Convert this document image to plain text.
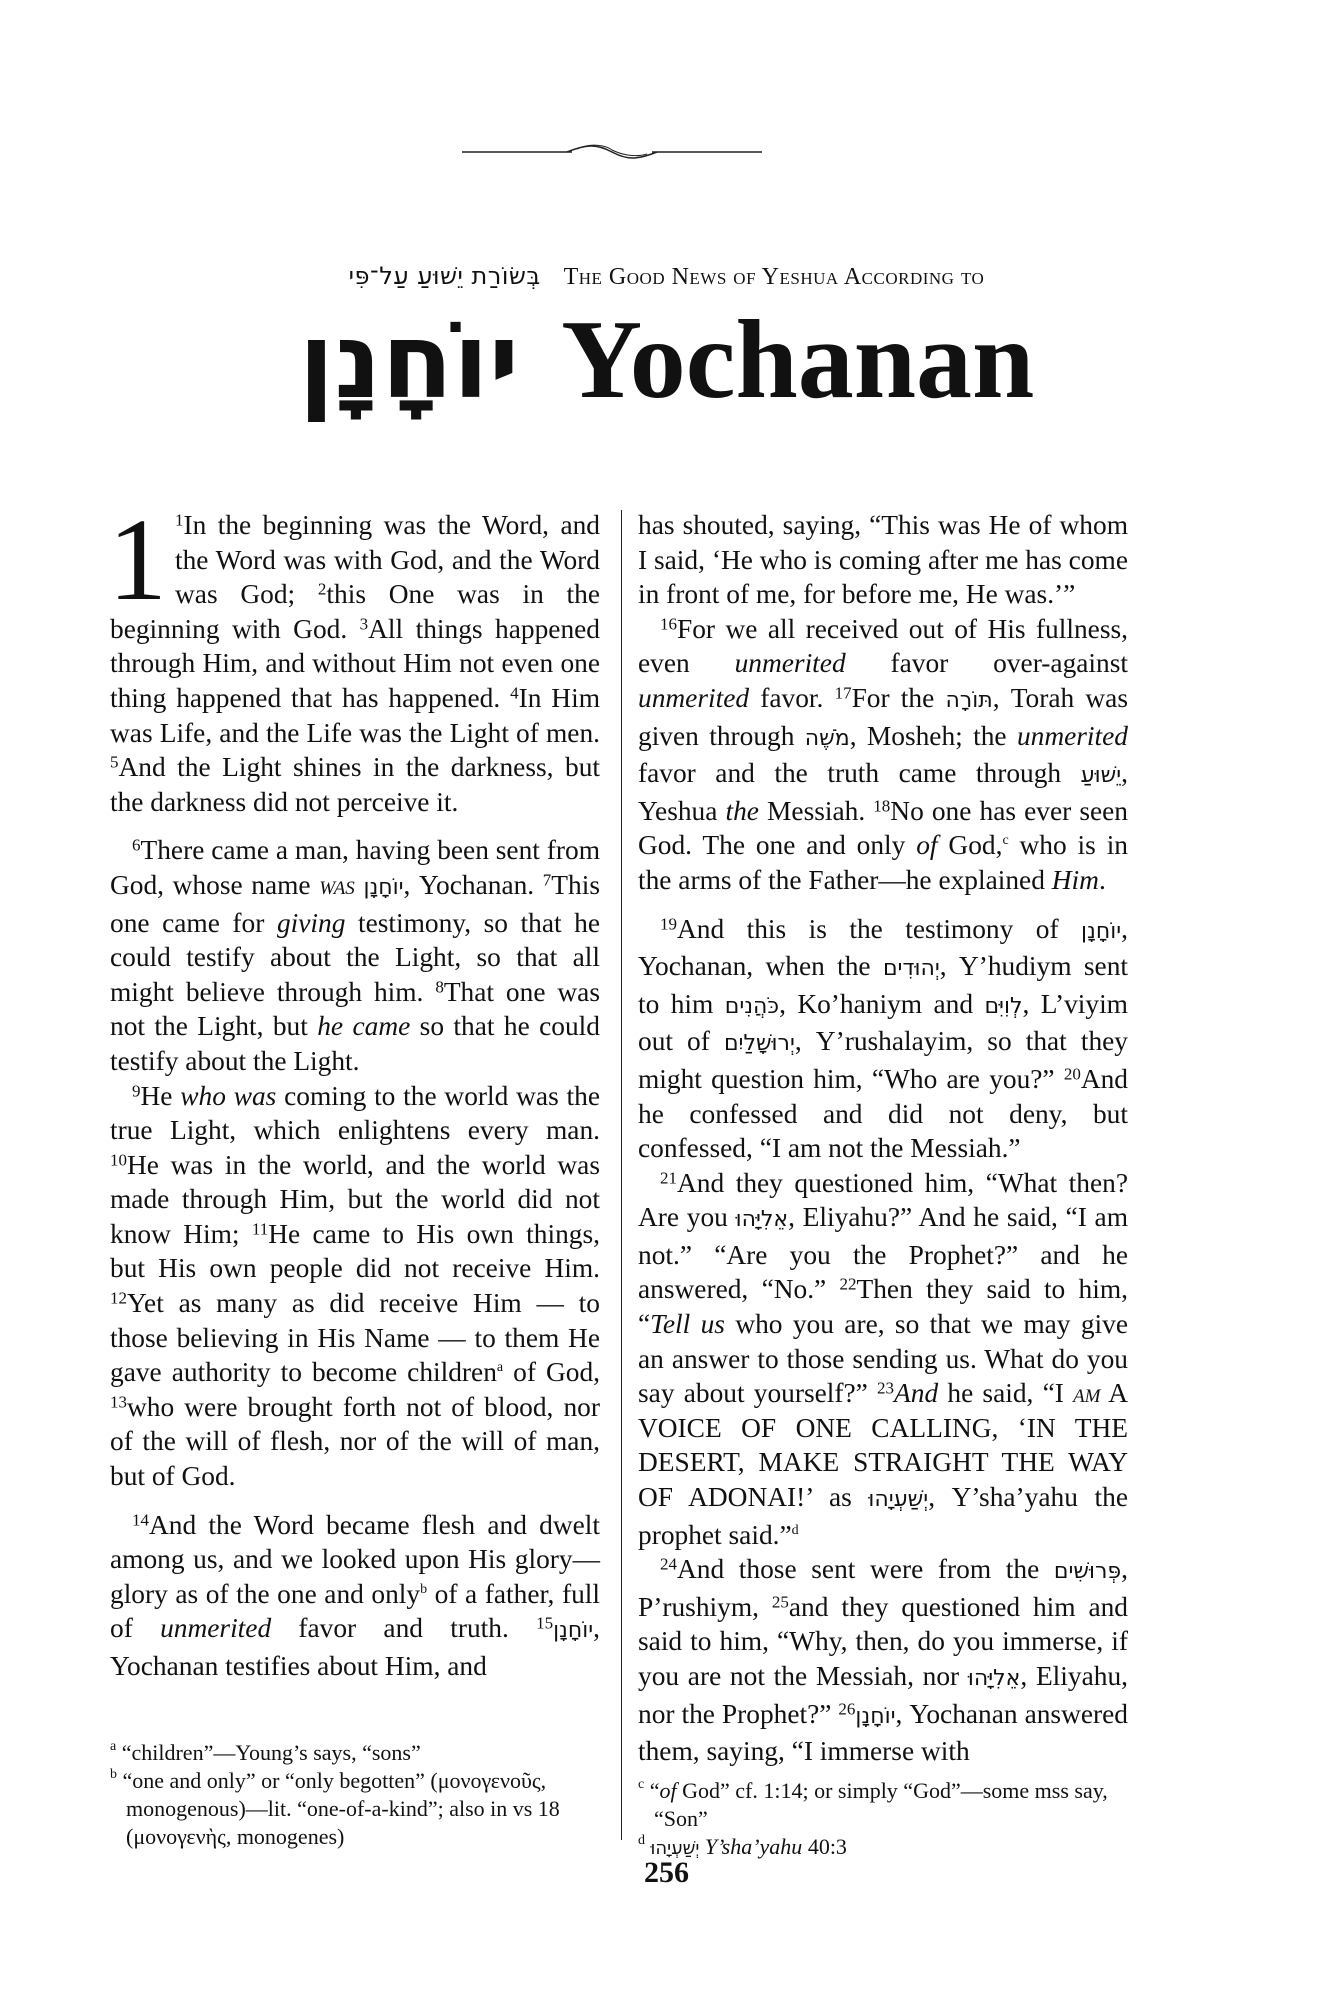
בְּשׂוֹרַת יֵשׁוּעַ עַל־פִּי The Good News of Yeshua According to
יוֹחָנָן Yochanan

1 $^1$In the beginning was the Word, and the Word was with God, and the Word was God; $^2$this One was in the beginning with God. $^3$All things happened through Him, and without Him not even one thing happened that has happened. $^4$In Him was Life, and the Life was the Light of men. $^5$And the Light shines in the darkness, but the darkness did not perceive it.

$^6$There came a man, having been sent from God, whose name was יוֹחָנָן, Yochanan. $^7$This one came for giving testimony, so that he could testify about the Light, so that all might believe through him. $^8$That one was not the Light, but he came so that he could testify about the Light.

$^9$He who was coming to the world was the true Light, which enlightens every man. $^{10}$He was in the world, and the world was made through Him, but the world did not know Him; $^{11}$He came to His own things, but His own people did not receive Him. $^{12}$Yet as many as did receive Him — to those believing in His Name — to them He gave authority to become children$^a$ of God, $^{13}$who were brought forth not of blood, nor of the will of flesh, nor of the will of man, but of God.

$^{14}$And the Word became flesh and dwelt among us, and we looked upon His glory—glory as of the one and only$^b$ of a father, full of unmerited favor and truth. $^{15}$יוֹחָנָן, Yochanan testifies about Him, and

has shouted, saying, “This was He of whom I said, ‘He who is coming after me has come in front of me, for before me, He was.’”

$^{16}$For we all received out of His fullness, even unmerited favor over-against unmerited favor. $^{17}$For the תּוֹרָה, Torah was given through מֹשֶׁה, Mosheh; the unmerited favor and the truth came through יֵשׁוּעַ, Yeshua the Messiah. $^{18}$No one has ever seen God. The one and only of God,$^c$ who is in the arms of the Father—he explained Him.

$^{19}$And this is the testimony of יוֹחָנָן, Yochanan, when the יְהוּדִים, Y’hudiym sent to him כֹּהֲנִים, Ko’haniym and לְוִיִּם, L’viyim out of יְרוּשָׁלַיִם, Y’rushalayim, so that they might question him, “Who are you?” $^{20}$And he confessed and did not deny, but confessed, “I am not the Messiah.”

$^{21}$And they questioned him, “What then? Are you אֵלִיָּהוּ, Eliyahu?” And he said, “I am not.” “Are you the Prophet?” and he answered, “No.” $^{22}$Then they said to him, “Tell us who you are, so that we may give an answer to those sending us. What do you say about yourself?” $^{23}$And he said, “I am A VOICE OF ONE CALLING, ‘IN THE DESERT, MAKE STRAIGHT THE WAY OF ADONAI!’ as יְשַׁעְיָהוּ, Y’sha’yahu the prophet said.”$^d$

$^{24}$And those sent were from the פְּרוּשִׁים, P’rushiym, $^{25}$and they questioned him and said to him, “Why, then, do you immerse, if you are not the Messiah, nor אֵלִיָּהוּ, Eliyahu, nor the Prophet?” $^{26}$יוֹחָנָן, Yochanan answered them, saying, “I immerse with

$^a$ “children”—Young’s says, “sons”

$^b$ “one and only” or “only begotten” (μονογενοῦς, monogenous)—lit. “one-of-a-kind”; also in vs 18 (μονογενὴς, monogenes)

$^c$ “of God” cf. 1:14; or simply “God”—some mss say, “Son”

$^d$ יְשַׁעְיָהוּ Y’sha’yahu 40:3

256
